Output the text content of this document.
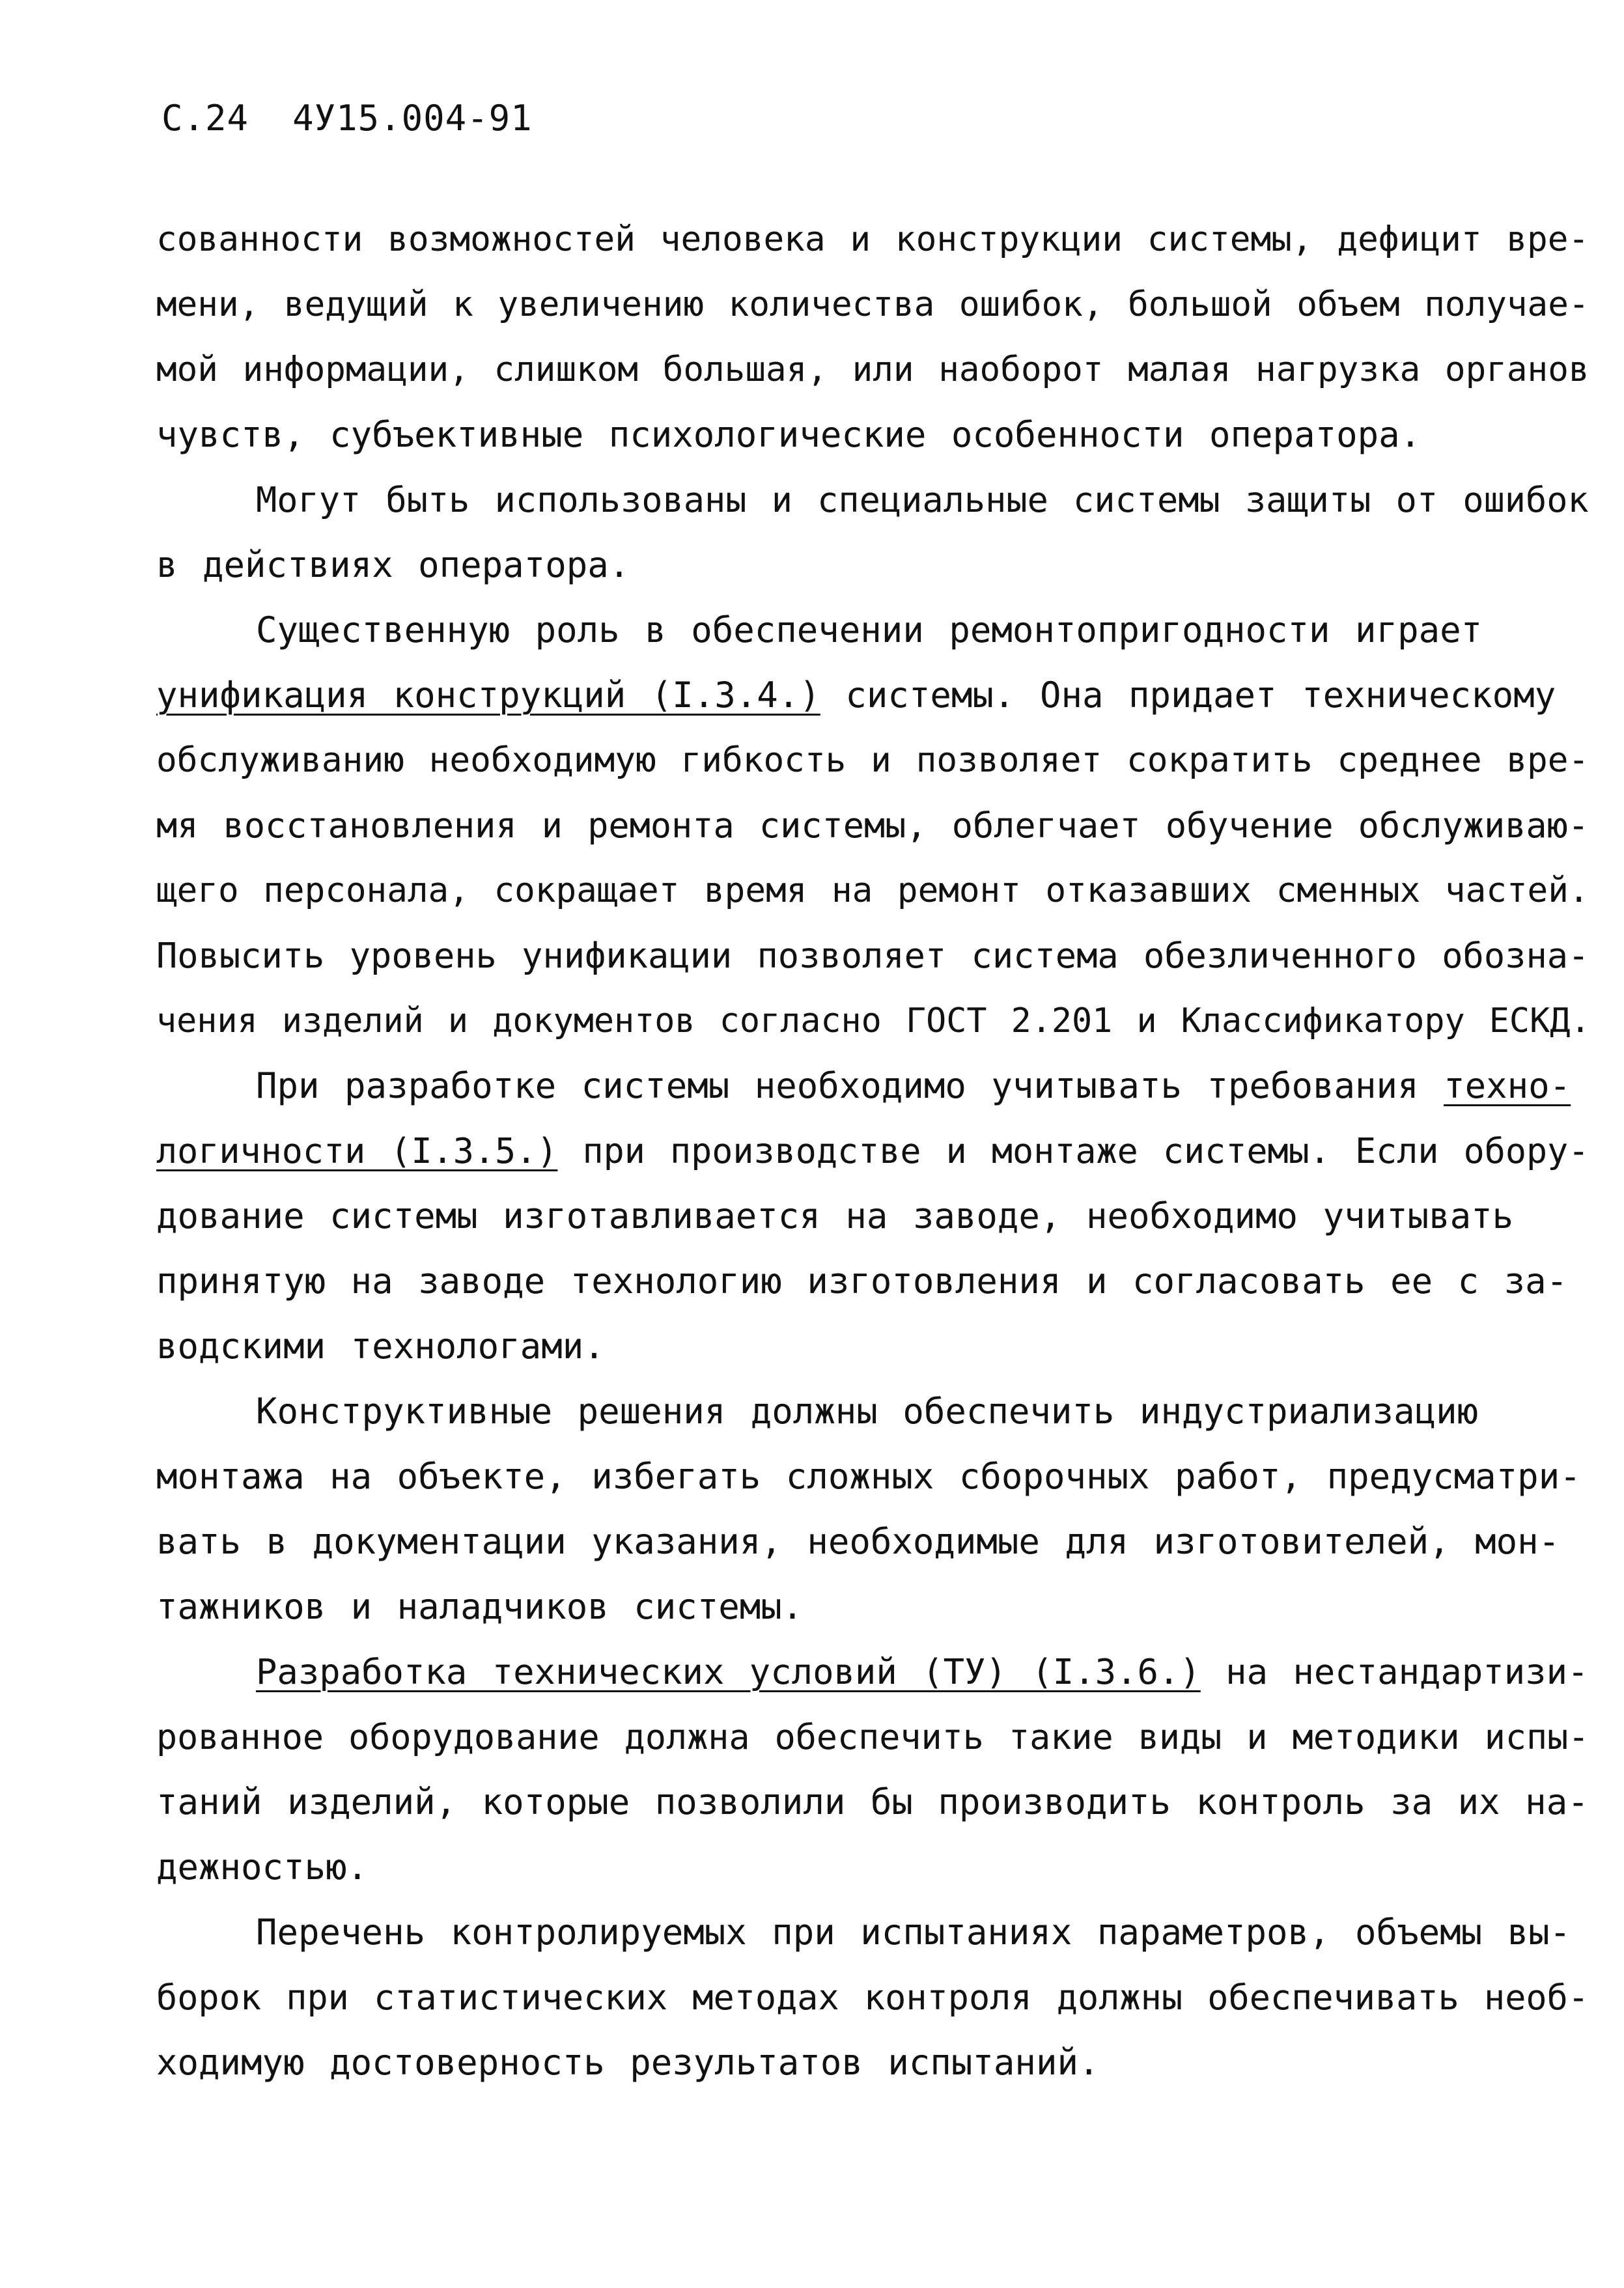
С.24 4У15.004-91
сованности возможностей человека и конструкции системы, дефицит вре-
мени, ведущий к увеличению количества ошибок, большой объем получае-
мой информации, слишком большая, или наоборот малая нагрузка органов
чувств, субъективные психологические особенности оператора.
Могут быть использованы и специальные системы защиты от ошибок
в действиях оператора.
Существенную роль в обеспечении ремонтопригодности играет
унификация конструкций (I.3.4.) системы. Она придает техническому
обслуживанию необходимую гибкость и позволяет сократить среднее вре-
мя восстановления и ремонта системы, облегчает обучение обслуживаю-
щего персонала, сокращает время на ремонт отказавших сменных частей.
Повысить уровень унификации позволяет система обезличенного обозна-
чения изделий и документов согласно ГОСТ 2.201 и Классификатору ЕСКД.
При разработке системы необходимо учитывать требования техно-
логичности (I.3.5.) при производстве и монтаже системы. Если обору-
дование системы изготавливается на заводе, необходимо учитывать
принятую на заводе технологию изготовления и согласовать ее с за-
водскими технологами.
Конструктивные решения должны обеспечить индустриализацию
монтажа на объекте, избегать сложных сборочных работ, предусматри-
вать в документации указания, необходимые для изготовителей, мон-
тажников и наладчиков системы.
Разработка технических условий (ТУ) (I.3.6.) на нестандартизи-
рованное оборудование должна обеспечить такие виды и методики испы-
таний изделий, которые позволили бы производить контроль за их на-
дежностью.
Перечень контролируемых при испытаниях параметров, объемы вы-
борок при статистических методах контроля должны обеспечивать необ-
ходимую достоверность результатов испытаний.
